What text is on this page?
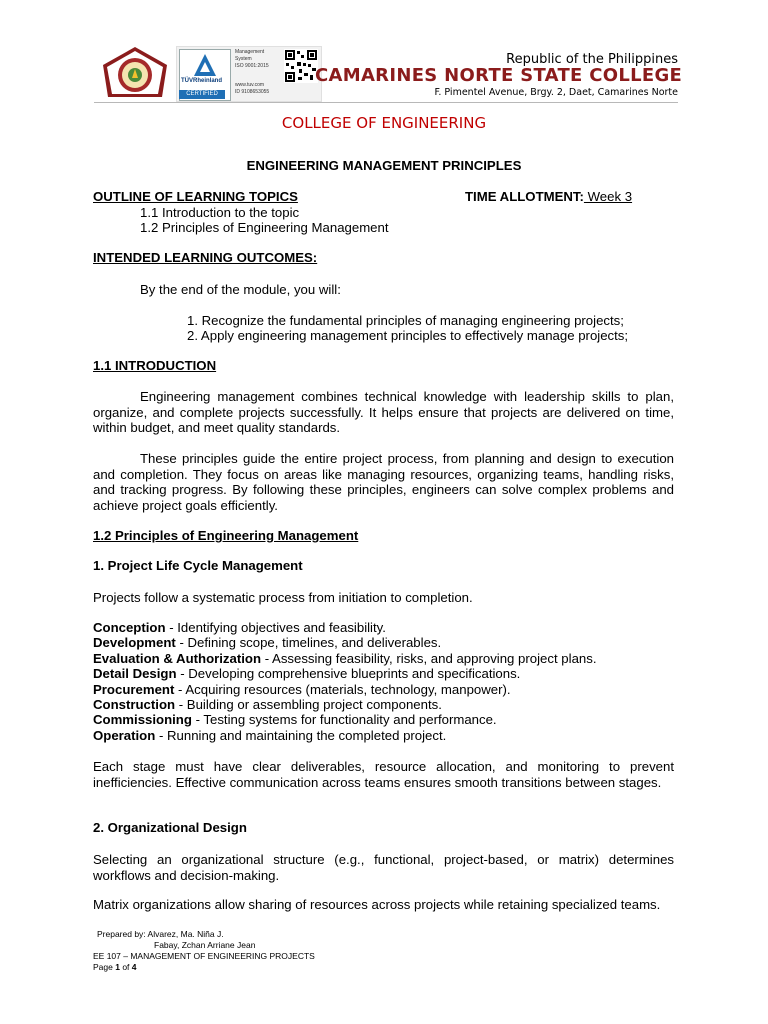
TÜVRheinland
CERTIFIED
Management
System
ISO 9001:2015
www.tuv.com
ID 9108653055
Republic of the Philippines
CAMARINES NORTE STATE COLLEGE
F. Pimentel Avenue, Brgy. 2, Daet, Camarines Norte
COLLEGE OF ENGINEERING
ENGINEERING MANAGEMENT PRINCIPLES
OUTLINE OF LEARNING TOPICS	TIME ALLOTMENT: Week 3
1.1 Introduction to the topic
1.2 Principles of Engineering Management
INTENDED LEARNING OUTCOMES:
By the end of the module, you will:
1. Recognize the fundamental principles of managing engineering projects;
2. Apply engineering management principles to effectively manage projects;
1.1 INTRODUCTION
Engineering management combines technical knowledge with leadership skills to plan, organize, and complete projects successfully. It helps ensure that projects are delivered on time, within budget, and meet quality standards.
These principles guide the entire project process, from planning and design to execution and completion. They focus on areas like managing resources, organizing teams, handling risks, and tracking progress. By following these principles, engineers can solve complex problems and achieve project goals efficiently.
1.2 Principles of Engineering Management
1. Project Life Cycle Management
Projects follow a systematic process from initiation to completion.
Conception - Identifying objectives and feasibility.
Development - Defining scope, timelines, and deliverables.
Evaluation & Authorization - Assessing feasibility, risks, and approving project plans.
Detail Design - Developing comprehensive blueprints and specifications.
Procurement - Acquiring resources (materials, technology, manpower).
Construction - Building or assembling project components.
Commissioning - Testing systems for functionality and performance.
Operation - Running and maintaining the completed project.
Each stage must have clear deliverables, resource allocation, and monitoring to prevent inefficiencies. Effective communication across teams ensures smooth transitions between stages.
2. Organizational Design
Selecting an organizational structure (e.g., functional, project-based, or matrix) determines workflows and decision-making.
Matrix organizations allow sharing of resources across projects while retaining specialized teams.
Prepared by: Alvarez, Ma. Niña J.
Fabay, Zchan Arriane Jean
EE 107 – MANAGEMENT OF ENGINEERING PROJECTS
Page 1 of 4
